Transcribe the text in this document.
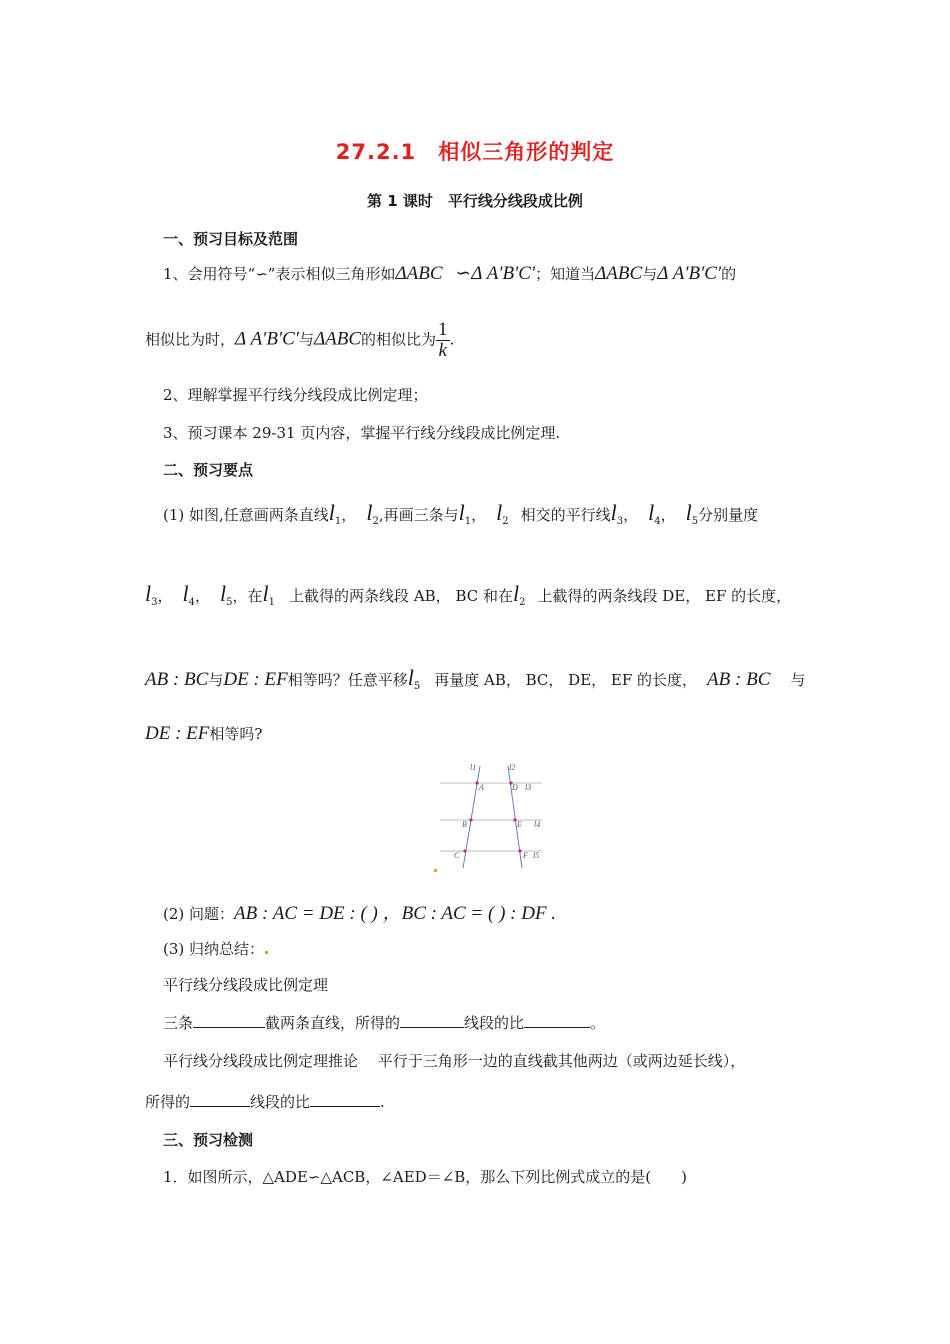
27.2.1　相似三角形的判定
第 1 课时　平行线分线段成比例
一、预习目标及范围
1、会用符号“∽”表示相似三角形如ΔABC ∽Δ A′B′C′；知道当ΔABC与Δ A′B′C′的
相似比为时，Δ A′B′C′与ΔABC的相似比为 $\frac{1}{k}$ .
2、理解掌握平行线分线段成比例定理；
3、预习课本 29-31 页内容，掌握平行线分线段成比例定理.
二、预习要点
(1) 如图,任意画两条直线$l_1$， $l_2$,再画三条与$l_1$， $l_2$ 相交的平行线$l_3$， $l_4$， $l_5$分别量度
$l_3$， $l_4$， $l_5$，在$l_1$ 上截得的两条线段 AB， BC 和在$l_2$ 上截得的两条线段 DE， EF 的长度，
AB : BC与DE : EF相等吗？任意平移$l_5$ 再量度 AB， BC， DE， EF 的长度， AB : BC 与
DE : EF相等吗?
l1	l2
A	D l3
B	E l4
C	F l5
(2) 问题：AB : AC = DE : ( ) ，BC : AC = ( ) : DF .
(3) 归纳总结：
平行线分线段成比例定理
三条	截两条直线，所得的	线段的比	。
平行线分线段成比例定理推论　 平行于三角形一边的直线截其他两边（或两边延长线），
所得的	线段的比	.
三、预习检测
1．如图所示，△ADE∽△ACB，∠AED＝∠B，那么下列比例式成立的是(　　)
